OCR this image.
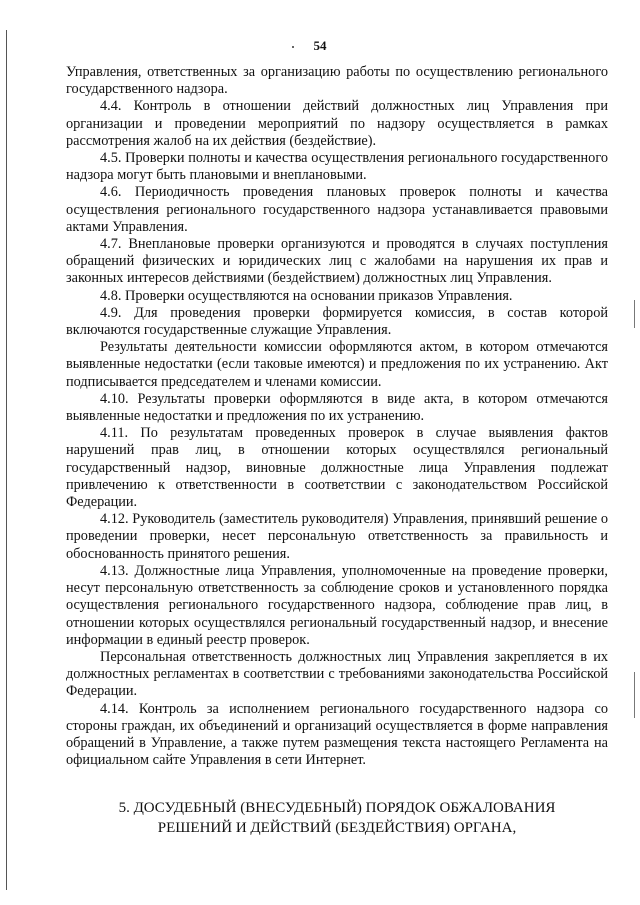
54

Управления, ответственных за организацию работы по осуществлению регионального государственного надзора.

4.4. Контроль в отношении действий должностных лиц Управления при организации и проведении мероприятий по надзору осуществляется в рамках рассмотрения жалоб на их действия (бездействие).

4.5. Проверки полноты и качества осуществления регионального государственного надзора могут быть плановыми и внеплановыми.

4.6. Периодичность проведения плановых проверок полноты и качества осуществления регионального государственного надзора устанавливается правовыми актами Управления.

4.7. Внеплановые проверки организуются и проводятся в случаях поступления обращений физических и юридических лиц с жалобами на нарушения их прав и законных интересов действиями (бездействием) должностных лиц Управления.

4.8. Проверки осуществляются на основании приказов Управления.

4.9. Для проведения проверки формируется комиссия, в состав которой включаются государственные служащие Управления.

Результаты деятельности комиссии оформляются актом, в котором отмечаются выявленные недостатки (если таковые имеются) и предложения по их устранению. Акт подписывается председателем и членами комиссии.

4.10. Результаты проверки оформляются в виде акта, в котором отмечаются выявленные недостатки и предложения по их устранению.

4.11. По результатам проведенных проверок в случае выявления фактов нарушений прав лиц, в отношении которых осуществлялся региональный государственный надзор, виновные должностные лица Управления подлежат привлечению к ответственности в соответствии с законодательством Российской Федерации.

4.12. Руководитель (заместитель руководителя) Управления, принявший решение о проведении проверки, несет персональную ответственность за правильность и обоснованность принятого решения.

4.13. Должностные лица Управления, уполномоченные на проведение проверки, несут персональную ответственность за соблюдение сроков и установленного порядка осуществления регионального государственного надзора, соблюдение прав лиц, в отношении которых осуществлялся региональный государственный надзор, и внесение информации в единый реестр проверок.

Персональная ответственность должностных лиц Управления закрепляется в их должностных регламентах в соответствии с требованиями законодательства Российской Федерации.

4.14. Контроль за исполнением регионального государственного надзора со стороны граждан, их объединений и организаций осуществляется в форме направления обращений в Управление, а также путем размещения текста настоящего Регламента на официальном сайте Управления в сети Интернет.

5. ДОСУДЕБНЫЙ (ВНЕСУДЕБНЫЙ) ПОРЯДОК ОБЖАЛОВАНИЯ
РЕШЕНИЙ И ДЕЙСТВИЙ (БЕЗДЕЙСТВИЯ) ОРГАНА,
